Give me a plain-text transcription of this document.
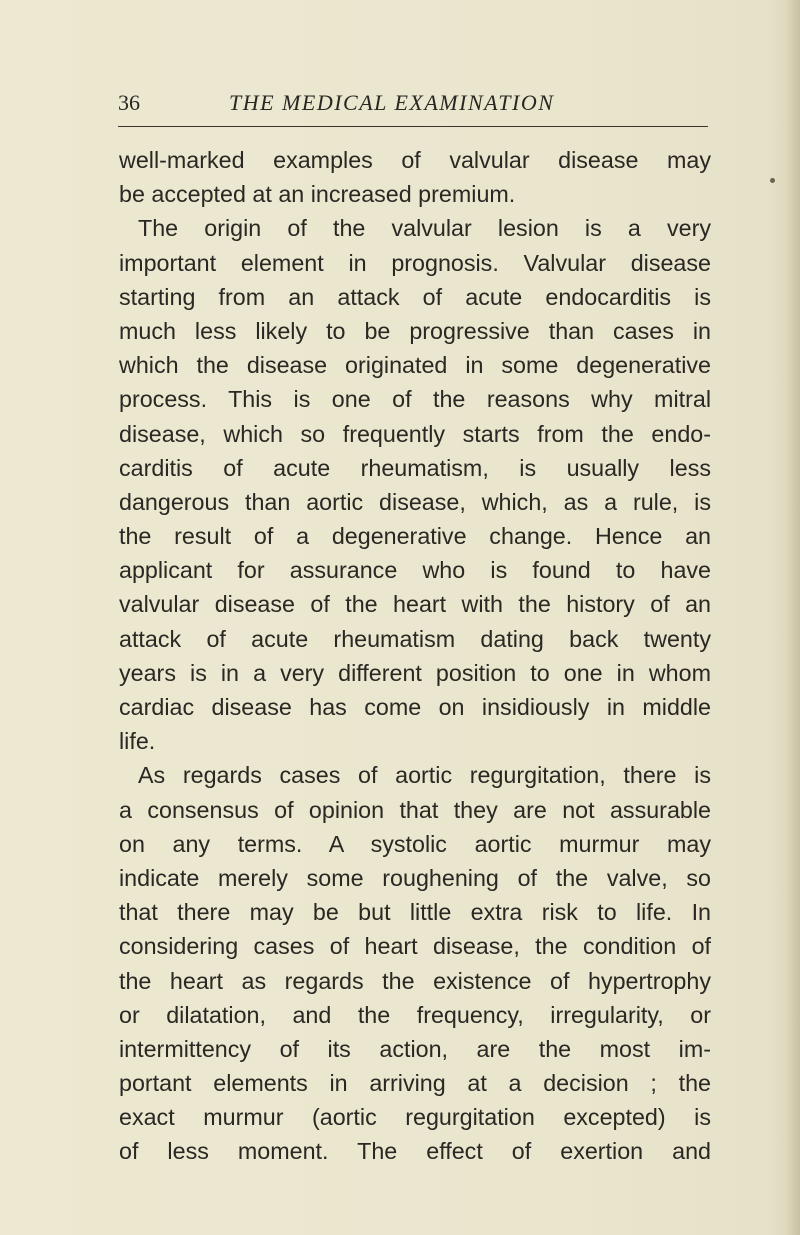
36	THE MEDICAL EXAMINATION
well-marked examples of valvular disease may
be accepted at an increased premium.
The origin of the valvular lesion is a very
important element in prognosis. Valvular disease
starting from an attack of acute endocarditis is
much less likely to be progressive than cases in
which the disease originated in some degenerative
process. This is one of the reasons why mitral
disease, which so frequently starts from the endo-
carditis of acute rheumatism, is usually less
dangerous than aortic disease, which, as a rule, is
the result of a degenerative change. Hence an
applicant for assurance who is found to have
valvular disease of the heart with the history of an
attack of acute rheumatism dating back twenty
years is in a very different position to one in whom
cardiac disease has come on insidiously in middle
life.
As regards cases of aortic regurgitation, there is
a consensus of opinion that they are not assurable
on any terms. A systolic aortic murmur may
indicate merely some roughening of the valve, so
that there may be but little extra risk to life. In
considering cases of heart disease, the condition of
the heart as regards the existence of hypertrophy
or dilatation, and the frequency, irregularity, or
intermittency of its action, are the most im-
portant elements in arriving at a decision ; the
exact murmur (aortic regurgitation excepted) is
of less moment. The effect of exertion and
